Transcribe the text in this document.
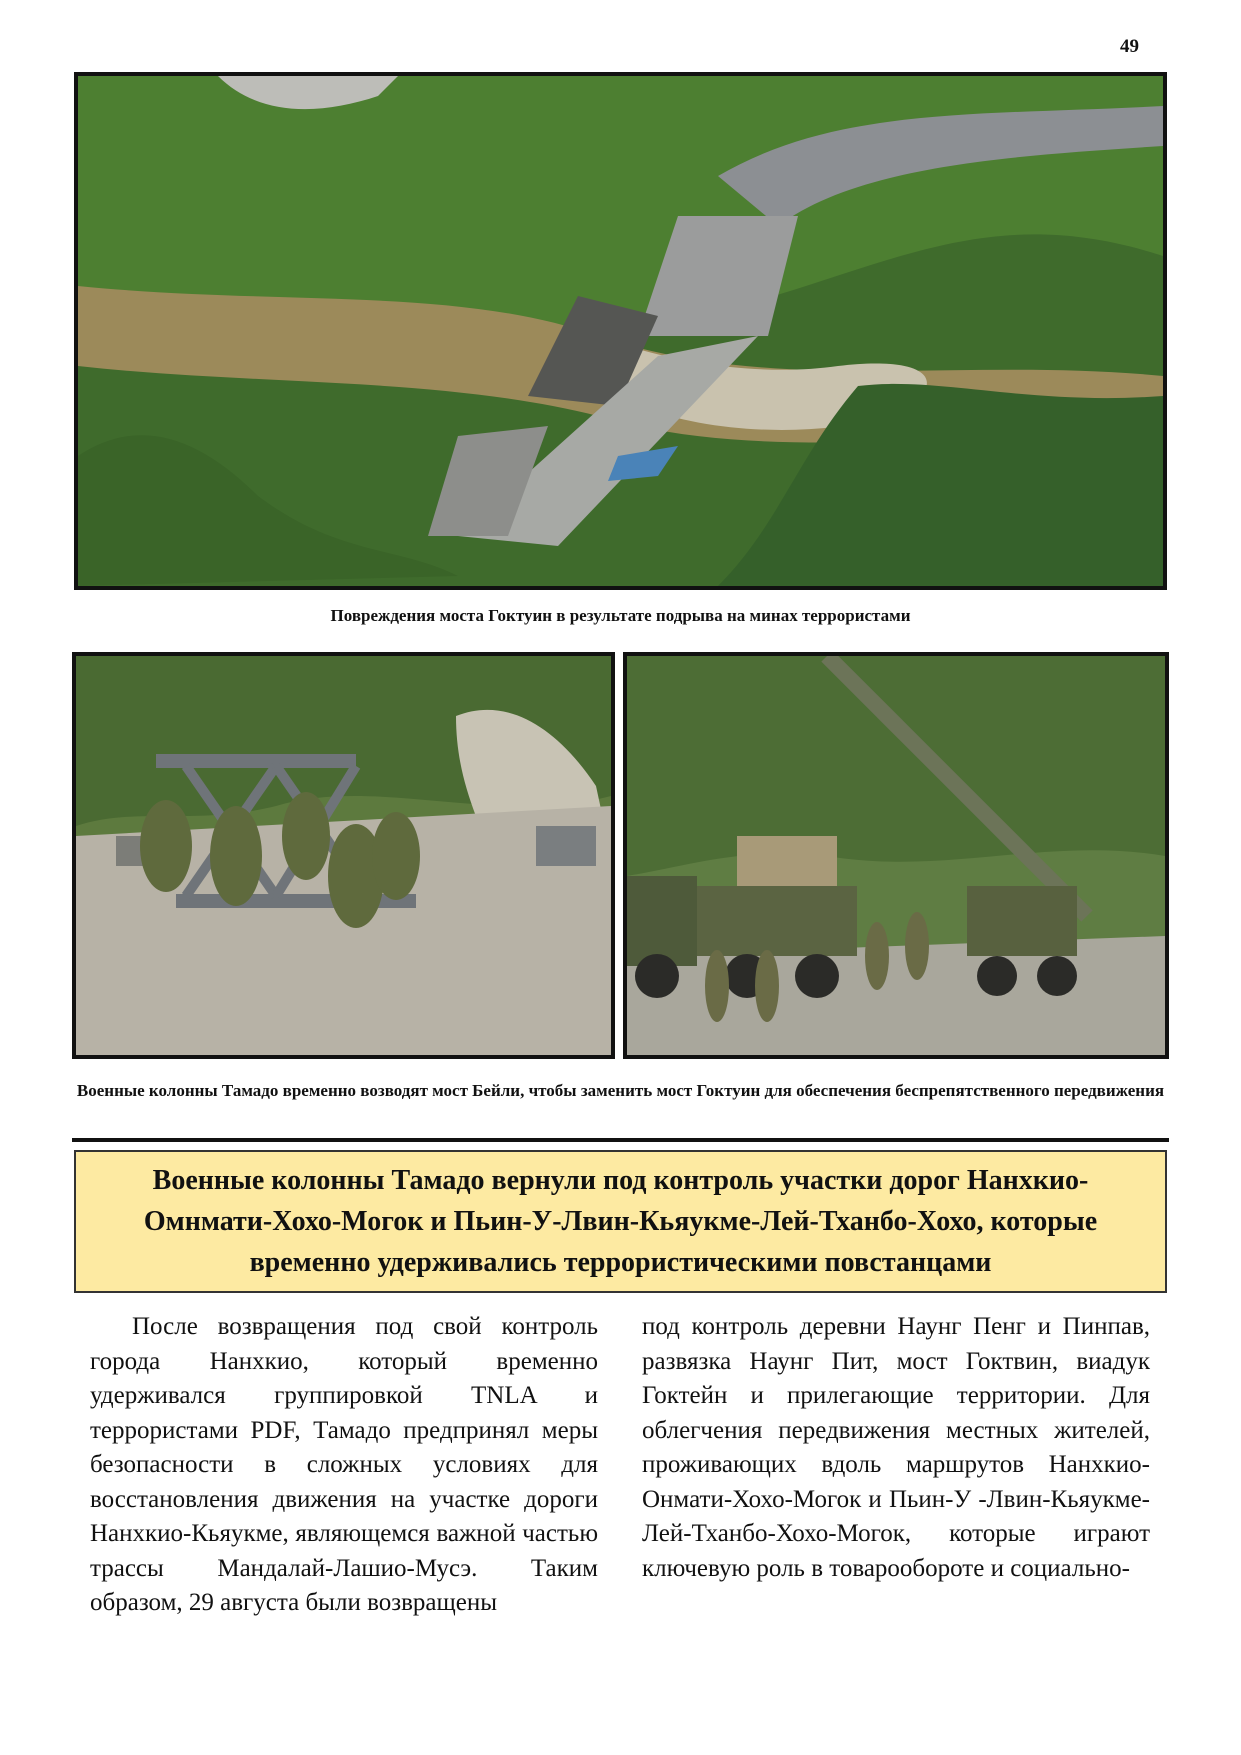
49
Повреждения моста Гоктуин в результате подрыва на минах террористами
Военные колонны Тамадо временно возводят мост Бейли, чтобы заменить мост Гоктуин для обеспечения беспрепятственного передвижения
Военные колонны Тамадо вернули под контроль участки дорог Нанхкио-Омнмати-Хохо-Могок и Пьин-У-Лвин-Кьяукме-Лей-Тханбо-Хохо, которые временно удерживались террористическими повстанцами

После возвращения под свой контроль города Нанхкио, который временно удерживался группировкой TNLA и террористами PDF, Тамадо предпринял меры безопасности в сложных условиях для восстановления движения на участке дороги Нанхкио-Кьяукме, являющемся важной частью трассы Мандалай-Лашио-Мусэ. Таким образом, 29 августа были возвращены

под контроль деревни Наунг Пенг и Пинпав, развязка Наунг Пит, мост Гоктвин, виадук Гоктейн и прилегающие территории. Для облегчения передвижения местных жителей, проживающих вдоль маршрутов Нанхкио-Онмати-Хохо-Могок и Пьин-У -Лвин-Кьяукме-Лей-Тханбо-Хохо-Могок, которые играют ключевую роль в товарообороте и социально-
